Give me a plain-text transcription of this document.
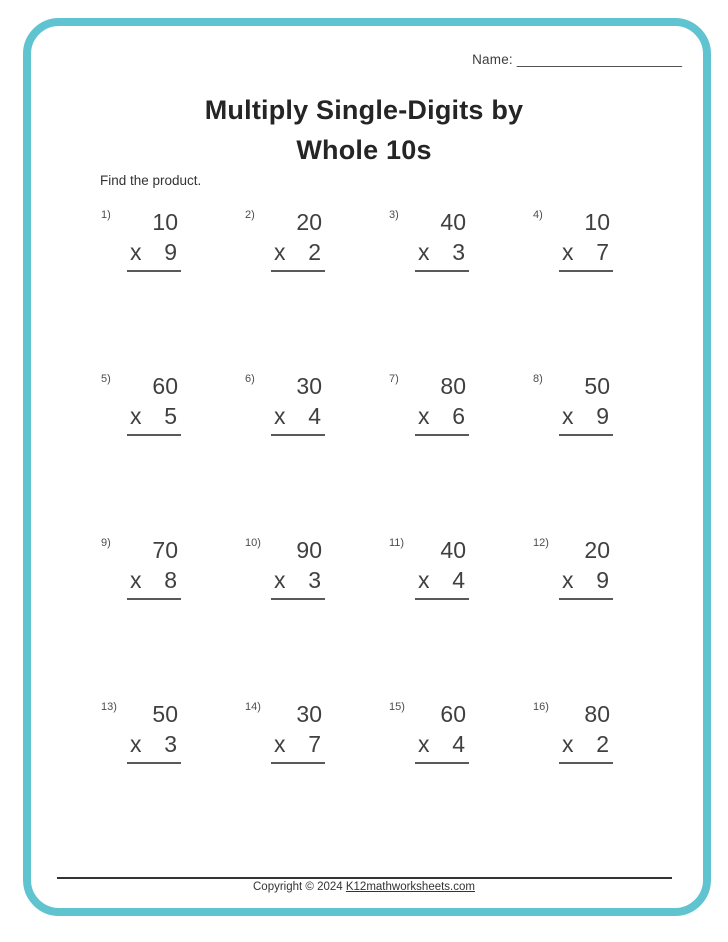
Name: ______________________
Multiply Single-Digits by
Whole 10s
Find the product.
1)	10
x 9
2)	20
x 2
3)	40
x 3
4)	10
x 7
5)	60
x 5
6)	30
x 4
7)	80
x 6
8)	50
x 9
9)	70
x 8
10)	90
x 3
11)	40
x 4
12)	20
x 9
13)	50
x 3
14)	30
x 7
15)	60
x 4
16)	80
x 2
Copyright © 2024 K12mathworksheets.com
